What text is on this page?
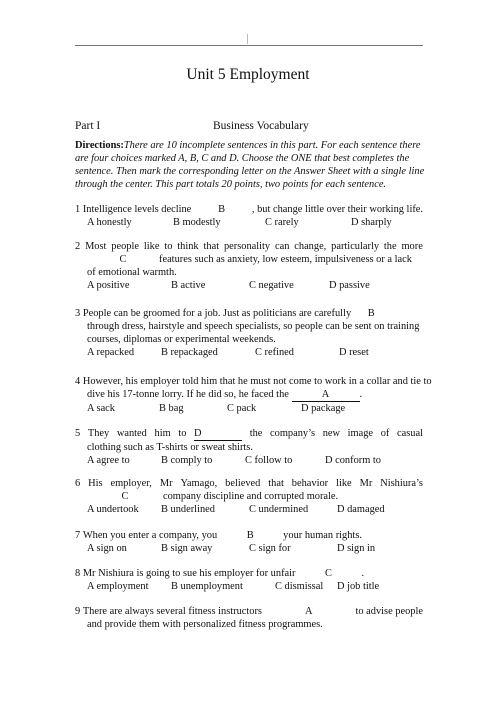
Unit 5 Employment
Part I	Business Vocabulary
Directions:There are 10 incomplete sentences in this part. For each sentence there
are four choices marked A, B, C and D. Choose the ONE that best completes the
sentence. Then mark the corresponding letter on the Answer Sheet with a single line
through the center. This part totals 20 points, two points for each sentence.
1
Intelligence levels decline	B	, but change little over their working life.
A honestly	B modestly	C rarely	D sharply
2 Most people like to think that personality can change, particularly the more
C	features such as anxiety, low esteem, impulsiveness or a lack
of emotional warmth.
A positive	B active	C negative	D passive
3
People can be groomed for a job. Just as politicians are carefully	B
through dress, hairstyle and speech specialists, so people can be sent on training
courses, diplomas or experimental weekends.
A repacked	B repackaged	C refined	D reset
4
However, his employer told him that he must not come to work in a collar and tie to
dive his 17-tonne lorry. If he did so, he faced the
	A	.
A sack	B bag	C pack	D package
5 They wanted him to D	the company’s new image of casual
clothing such as T-shirts or sweat shirts.
A agree to	B comply to	C follow to	D conform to
6 His employer, Mr Yamago, believed that behavior like Mr Nishiura’s
C	company discipline and corrupted morale.
A undertook B underlined	C undermined	D damaged
7
When you enter a company, you	B	your human rights.
A sign on	B sign away	C sign for	D sign in
8
Mr Nishiura is going to sue his employer for unfair	C	.
A employment B unemployment	C dismissal D job title
9 There are always several fitness instructors	A	to advise people
and provide them with personalized fitness programmes.
